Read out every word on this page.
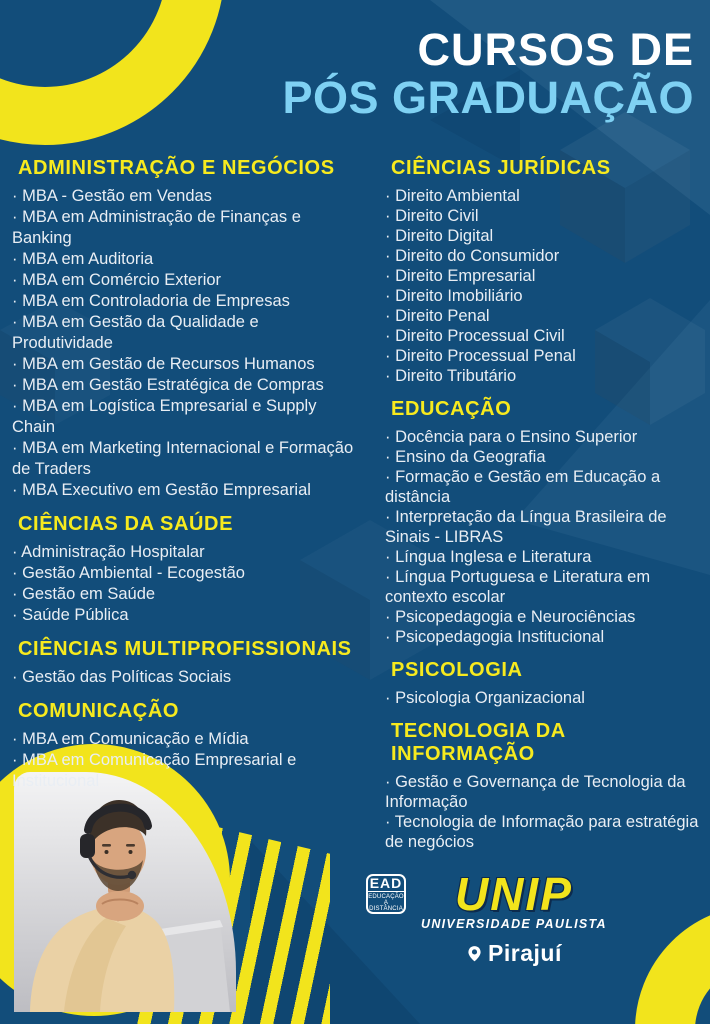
CURSOS DE
PÓS GRADUAÇÃO
ADMINISTRAÇÃO E NEGÓCIOS
· MBA - Gestão em Vendas
· MBA em Administração de Finanças e Banking
· MBA em Auditoria
· MBA em Comércio Exterior
· MBA em Controladoria de Empresas
· MBA em Gestão da Qualidade e Produtividade
· MBA em Gestão de Recursos Humanos
· MBA em Gestão Estratégica de Compras
· MBA em Logística Empresarial e Supply Chain
· MBA em Marketing Internacional e Formação de Traders
· MBA Executivo em Gestão Empresarial
CIÊNCIAS DA SAÚDE
· Administração Hospitalar
· Gestão Ambiental - Ecogestão
· Gestão em Saúde
· Saúde Pública
CIÊNCIAS MULTIPROFISSIONAIS
· Gestão das Políticas Sociais
COMUNICAÇÃO
· MBA em Comunicação e Mídia
· MBA em Comunicação Empresarial e Institucional
CIÊNCIAS JURÍDICAS
· Direito Ambiental
· Direito Civil
· Direito Digital
· Direito do Consumidor
· Direito Empresarial
· Direito Imobiliário
· Direito Penal
· Direito Processual Civil
· Direito Processual Penal
· Direito Tributário
EDUCAÇÃO
· Docência para o Ensino Superior
· Ensino da Geografia
· Formação e Gestão em Educação a distância
· Interpretação da Língua Brasileira de Sinais - LIBRAS
· Língua Inglesa e Literatura
· Língua Portuguesa e Literatura em contexto escolar
· Psicopedagogia e Neurociências
· Psicopedagogia Institucional
PSICOLOGIA
· Psicologia Organizacional
TECNOLOGIA DA INFORMAÇÃO
· Gestão e Governança de Tecnologia da Informação
· Tecnologia de Informação para estratégia de negócios
EAD
EDUCAÇÃO A
DISTÂNCIA UNIP
UNIVERSIDADE PAULISTA
Pirajuí
